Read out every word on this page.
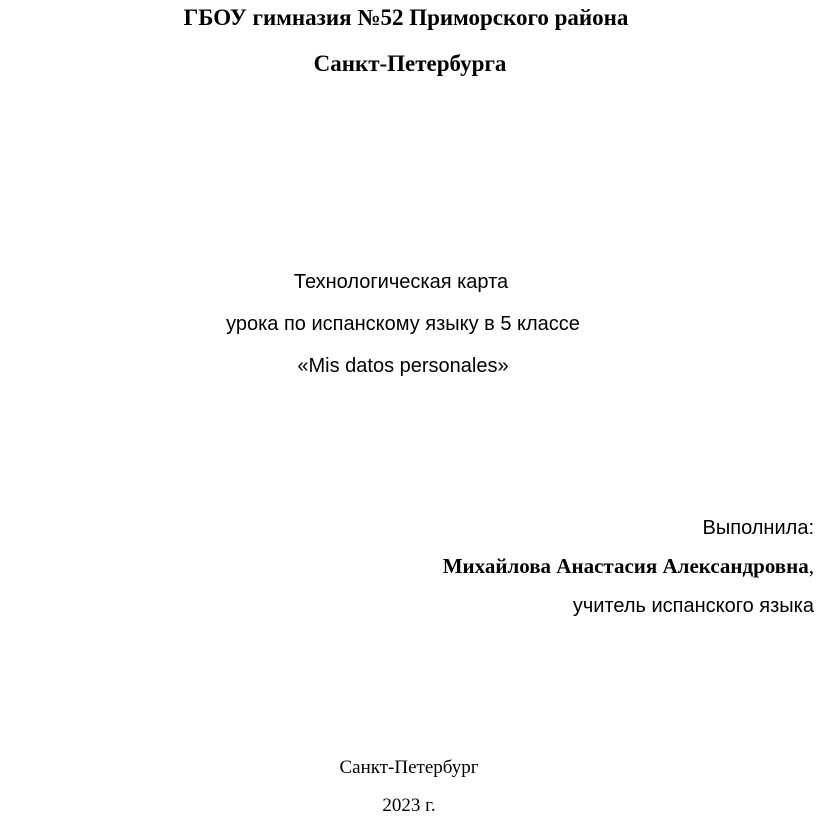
ГБОУ гимназия №52 Приморского района
Санкт-Петербурга
Технологическая карта
урока по испанскому языку в 5 классе
«Mis datos personales»
Выполнила:
Михайлова Анастасия Александровна,
учитель испанского языка
Санкт-Петербург
2023 г.
